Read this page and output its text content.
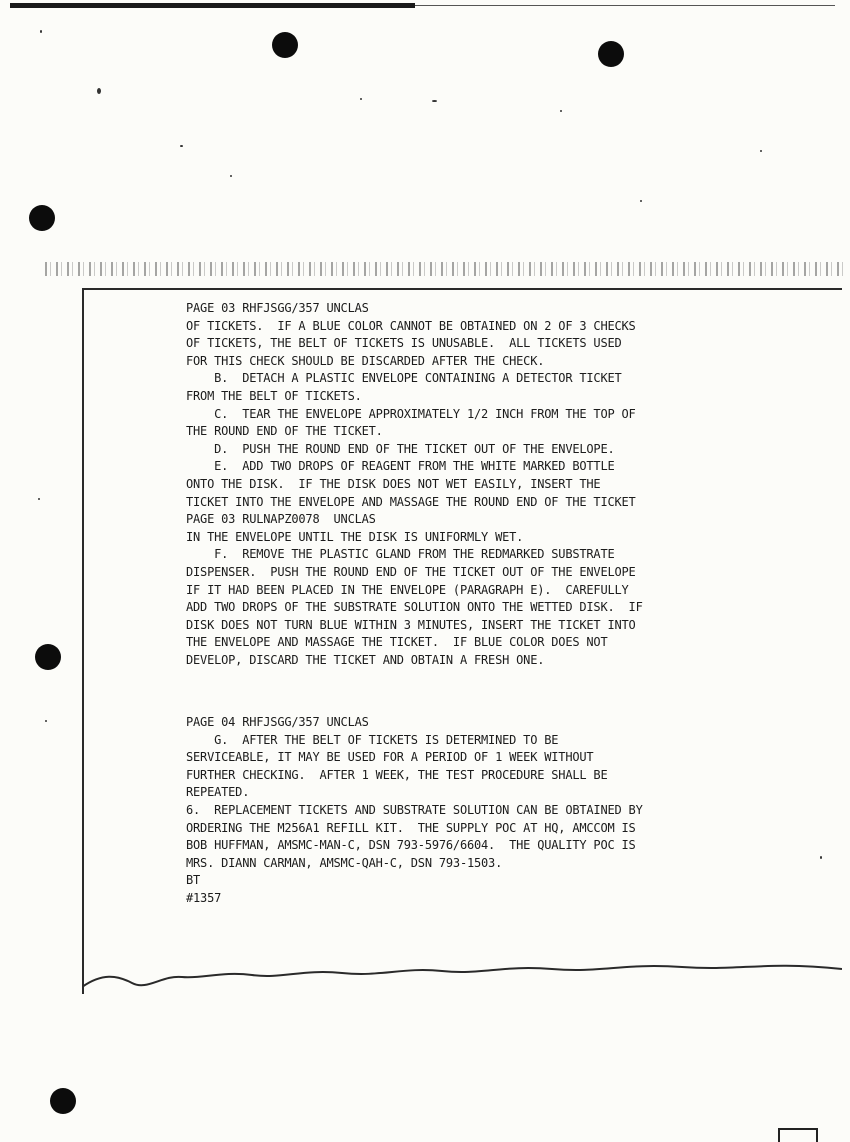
PAGE 03 RHFJSGG/357 UNCLAS
OF TICKETS.  IF A BLUE COLOR CANNOT BE OBTAINED ON 2 OF 3 CHECKS
OF TICKETS, THE BELT OF TICKETS IS UNUSABLE.  ALL TICKETS USED
FOR THIS CHECK SHOULD BE DISCARDED AFTER THE CHECK.
B.  DETACH A PLASTIC ENVELOPE CONTAINING A DETECTOR TICKET
FROM THE BELT OF TICKETS.
C.  TEAR THE ENVELOPE APPROXIMATELY 1/2 INCH FROM THE TOP OF
THE ROUND END OF THE TICKET.
D.  PUSH THE ROUND END OF THE TICKET OUT OF THE ENVELOPE.
E.  ADD TWO DROPS OF REAGENT FROM THE WHITE MARKED BOTTLE
ONTO THE DISK.  IF THE DISK DOES NOT WET EASILY, INSERT THE
TICKET INTO THE ENVELOPE AND MASSAGE THE ROUND END OF THE TICKET
PAGE 03 RULNAPZ0078  UNCLAS
IN THE ENVELOPE UNTIL THE DISK IS UNIFORMLY WET.
F.  REMOVE THE PLASTIC GLAND FROM THE REDMARKED SUBSTRATE
DISPENSER.  PUSH THE ROUND END OF THE TICKET OUT OF THE ENVELOPE
IF IT HAD BEEN PLACED IN THE ENVELOPE (PARAGRAPH E).  CAREFULLY
ADD TWO DROPS OF THE SUBSTRATE SOLUTION ONTO THE WETTED DISK.  IF
DISK DOES NOT TURN BLUE WITHIN 3 MINUTES, INSERT THE TICKET INTO
THE ENVELOPE AND MASSAGE THE TICKET.  IF BLUE COLOR DOES NOT
DEVELOP, DISCARD THE TICKET AND OBTAIN A FRESH ONE.
PAGE 04 RHFJSGG/357 UNCLAS
G.  AFTER THE BELT OF TICKETS IS DETERMINED TO BE
SERVICEABLE, IT MAY BE USED FOR A PERIOD OF 1 WEEK WITHOUT
FURTHER CHECKING.  AFTER 1 WEEK, THE TEST PROCEDURE SHALL BE
REPEATED.
6.  REPLACEMENT TICKETS AND SUBSTRATE SOLUTION CAN BE OBTAINED BY
ORDERING THE M256A1 REFILL KIT.  THE SUPPLY POC AT HQ, AMCCOM IS
BOB HUFFMAN, AMSMC-MAN-C, DSN 793-5976/6604.  THE QUALITY POC IS
MRS. DIANN CARMAN, AMSMC-QAH-C, DSN 793-1503.
BT
#1357
